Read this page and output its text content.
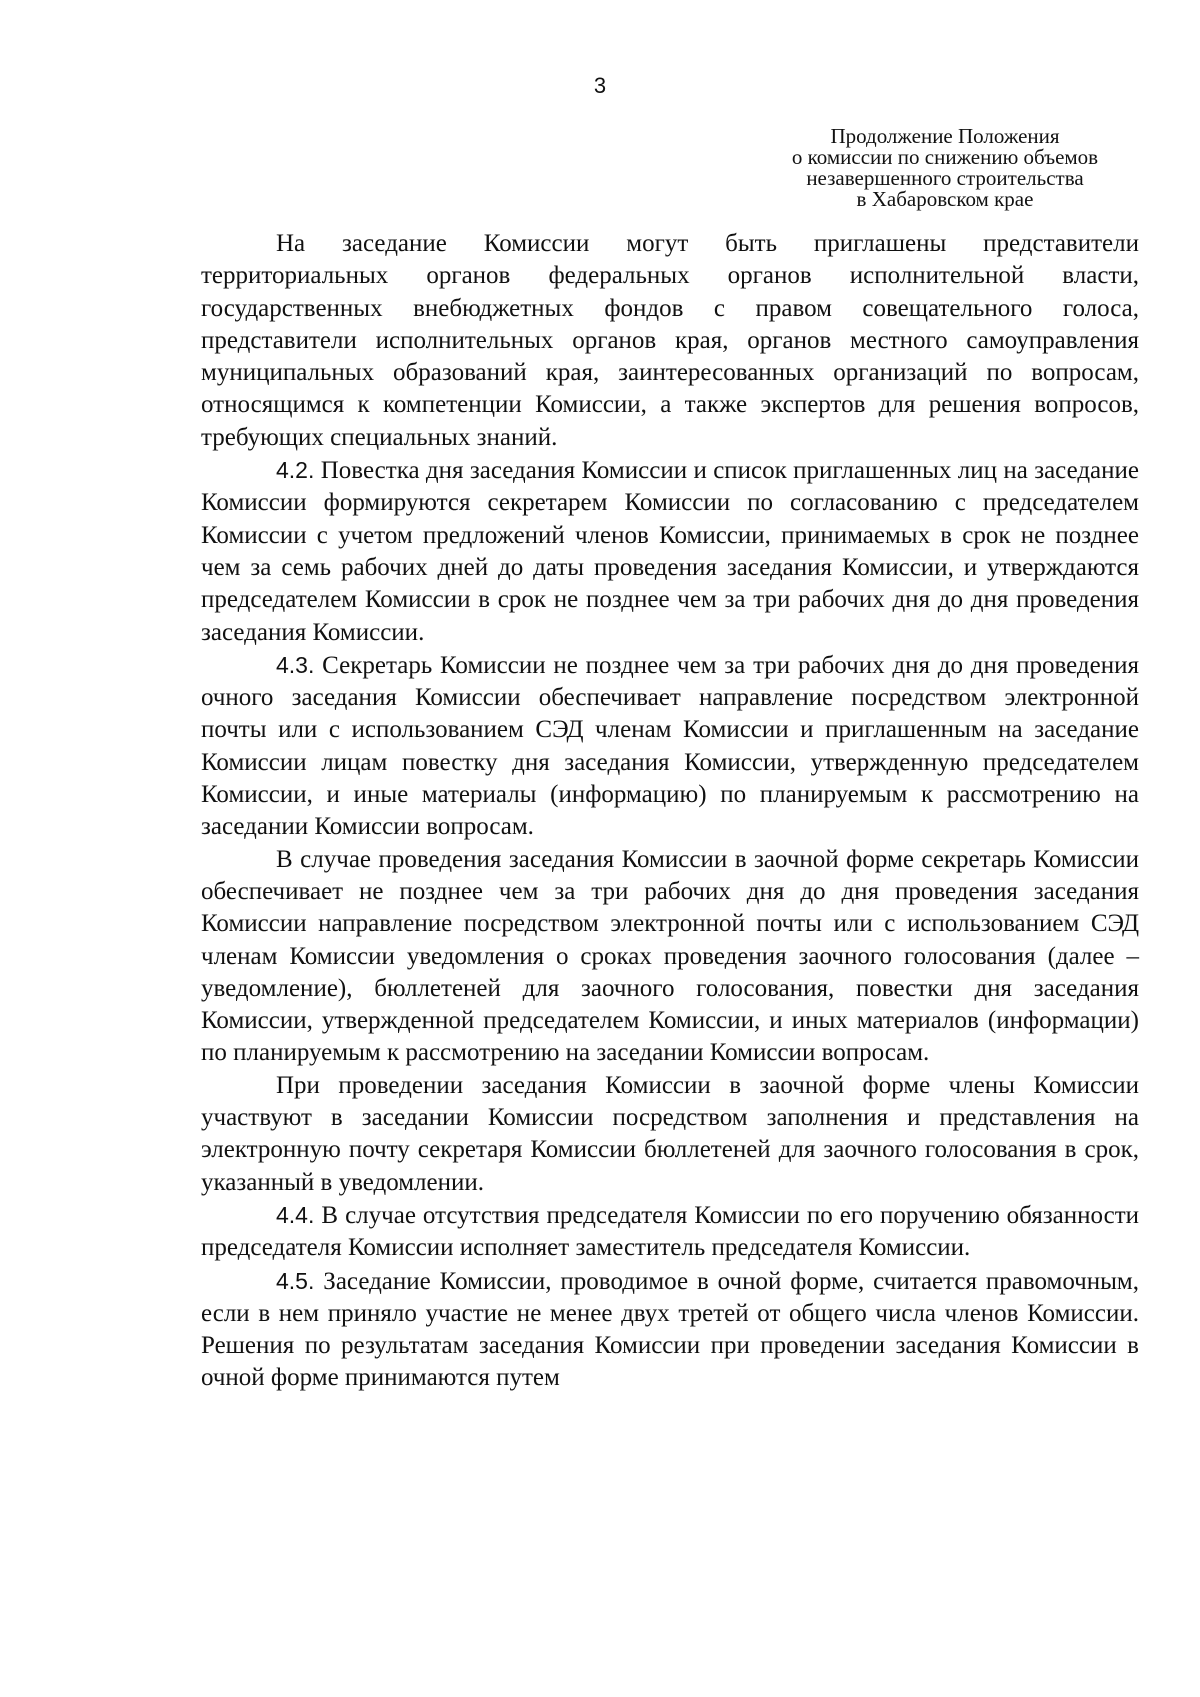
3
Продолжение Положения
о комиссии по снижению объемов
незавершенного строительства
в Хабаровском крае

На заседание Комиссии могут быть приглашены представители территориальных органов федеральных органов исполнительной власти, государственных внебюджетных фондов с правом совещательного голоса, представители исполнительных органов края, органов местного самоуправления муниципальных образований края, заинтересованных организаций по вопросам, относящимся к компетенции Комиссии, а также экспертов для решения вопросов, требующих специальных знаний.

4.2. Повестка дня заседания Комиссии и список приглашенных лиц на заседание Комиссии формируются секретарем Комиссии по согласованию с председателем Комиссии с учетом предложений членов Комиссии, принимаемых в срок не позднее чем за семь рабочих дней до даты проведения заседания Комиссии, и утверждаются председателем Комиссии в срок не позднее чем за три рабочих дня до дня проведения заседания Комиссии.

4.3. Секретарь Комиссии не позднее чем за три рабочих дня до дня проведения очного заседания Комиссии обеспечивает направление посредством электронной почты или с использованием СЭД членам Комиссии и приглашенным на заседание Комиссии лицам повестку дня заседания Комиссии, утвержденную председателем Комиссии, и иные материалы (информацию) по планируемым к рассмотрению на заседании Комиссии вопросам.

В случае проведения заседания Комиссии в заочной форме секретарь Комиссии обеспечивает не позднее чем за три рабочих дня до дня проведения заседания Комиссии направление посредством электронной почты или с использованием СЭД членам Комиссии уведомления о сроках проведения заочного голосования (далее – уведомление), бюллетеней для заочного голосования, повестки дня заседания Комиссии, утвержденной председателем Комиссии, и иных материалов (информации) по планируемым к рассмотрению на заседании Комиссии вопросам.

При проведении заседания Комиссии в заочной форме члены Комиссии участвуют в заседании Комиссии посредством заполнения и представления на электронную почту секретаря Комиссии бюллетеней для заочного голосования в срок, указанный в уведомлении.

4.4. В случае отсутствия председателя Комиссии по его поручению обязанности председателя Комиссии исполняет заместитель председателя Комиссии.

4.5. Заседание Комиссии, проводимое в очной форме, считается правомочным, если в нем приняло участие не менее двух третей от общего числа членов Комиссии. Решения по результатам заседания Комиссии при проведении заседания Комиссии в очной форме принимаются путем
